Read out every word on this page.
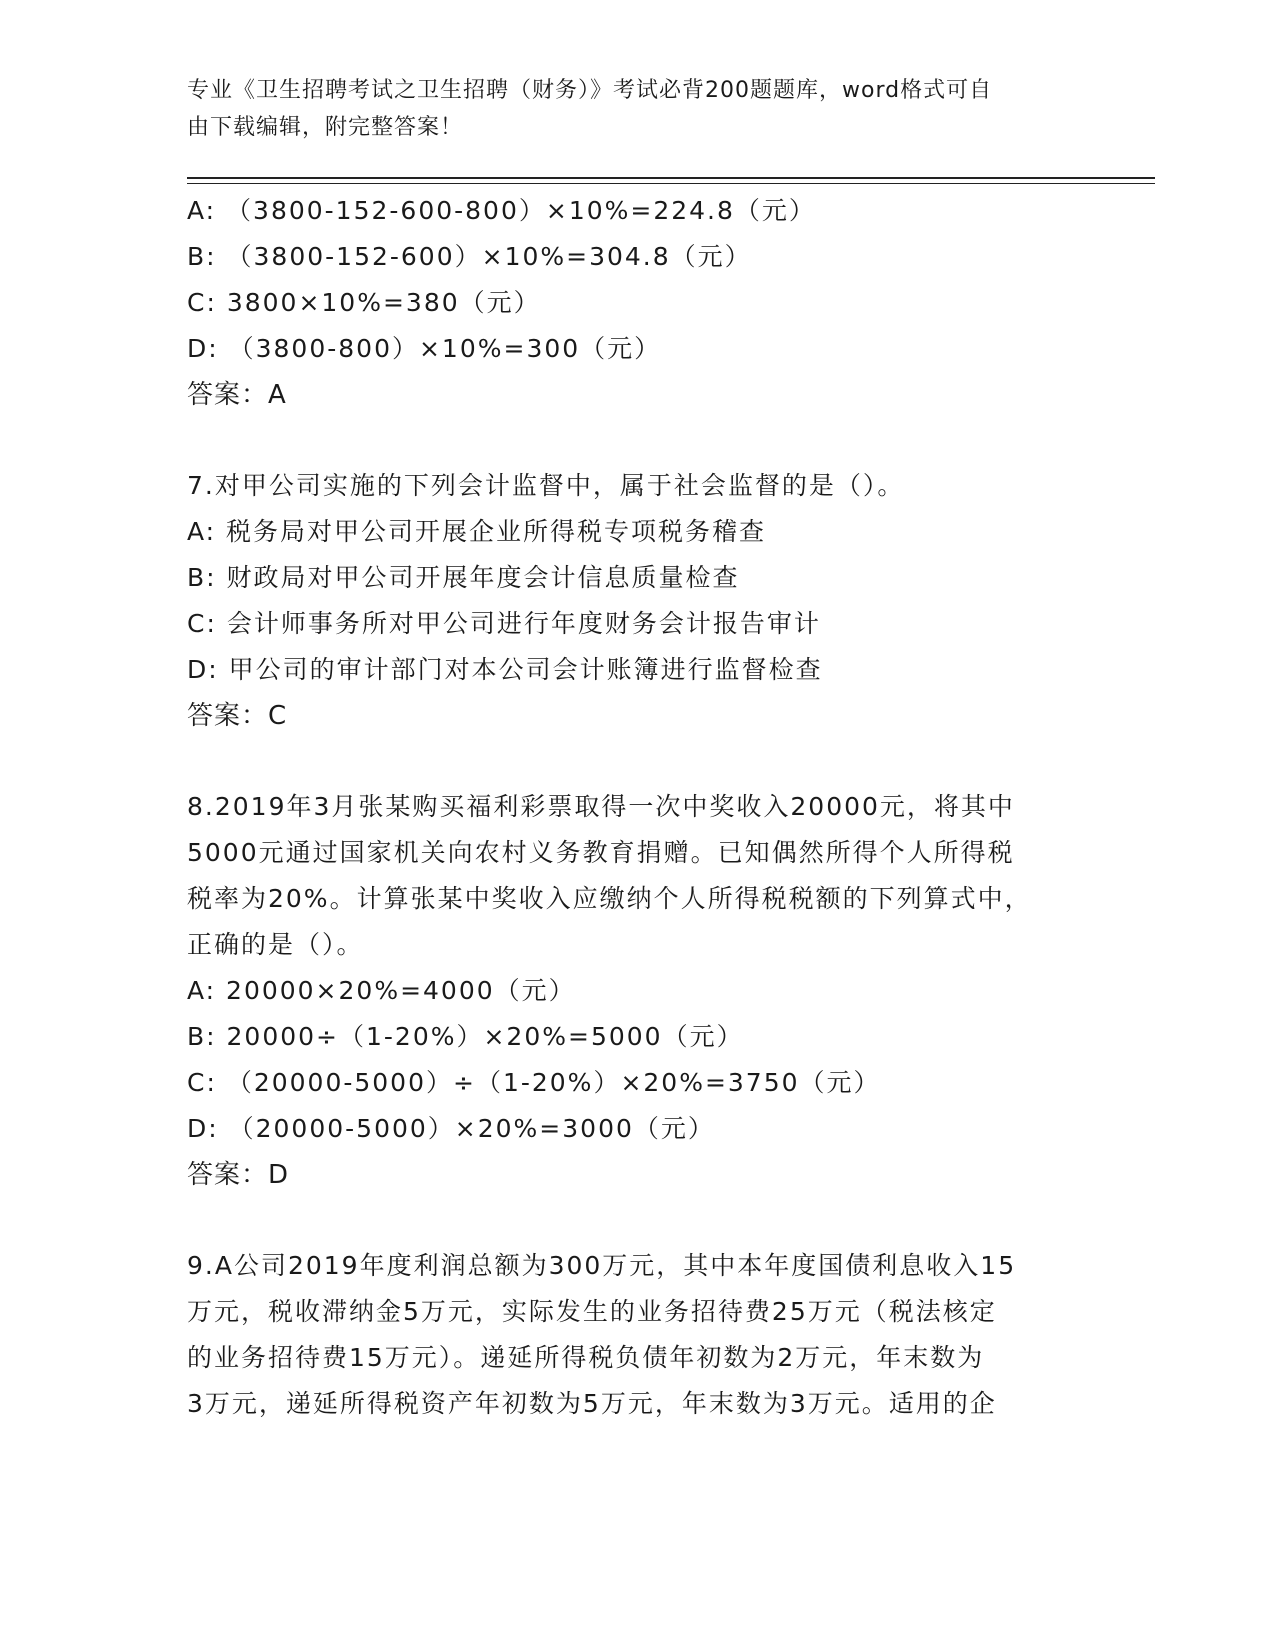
专业《卫生招聘考试之卫生招聘（财务）》考试必背200题题库，word格式可自
由下载编辑，附完整答案！
A: （3800-152-600-800）×10%=224.8（元）
B: （3800-152-600）×10%=304.8（元）
C: 3800×10%=380（元）
D: （3800-800）×10%=300（元）
答案：A
7.对甲公司实施的下列会计监督中，属于社会监督的是（）。
A: 税务局对甲公司开展企业所得税专项税务稽查
B: 财政局对甲公司开展年度会计信息质量检查
C: 会计师事务所对甲公司进行年度财务会计报告审计
D: 甲公司的审计部门对本公司会计账簿进行监督检查
答案：C
8.2019年3月张某购买福利彩票取得一次中奖收入20000元，将其中
5000元通过国家机关向农村义务教育捐赠。已知偶然所得个人所得税
税率为20%。计算张某中奖收入应缴纳个人所得税税额的下列算式中，
正确的是（）。
A: 20000×20%=4000（元）
B: 20000÷（1-20%）×20%=5000（元）
C: （20000-5000）÷（1-20%）×20%=3750（元）
D: （20000-5000）×20%=3000（元）
答案：D
9.A公司2019年度利润总额为300万元，其中本年度国债利息收入15
万元，税收滞纳金5万元，实际发生的业务招待费25万元（税法核定
的业务招待费15万元）。递延所得税负债年初数为2万元，年末数为
3万元，递延所得税资产年初数为5万元，年末数为3万元。适用的企
